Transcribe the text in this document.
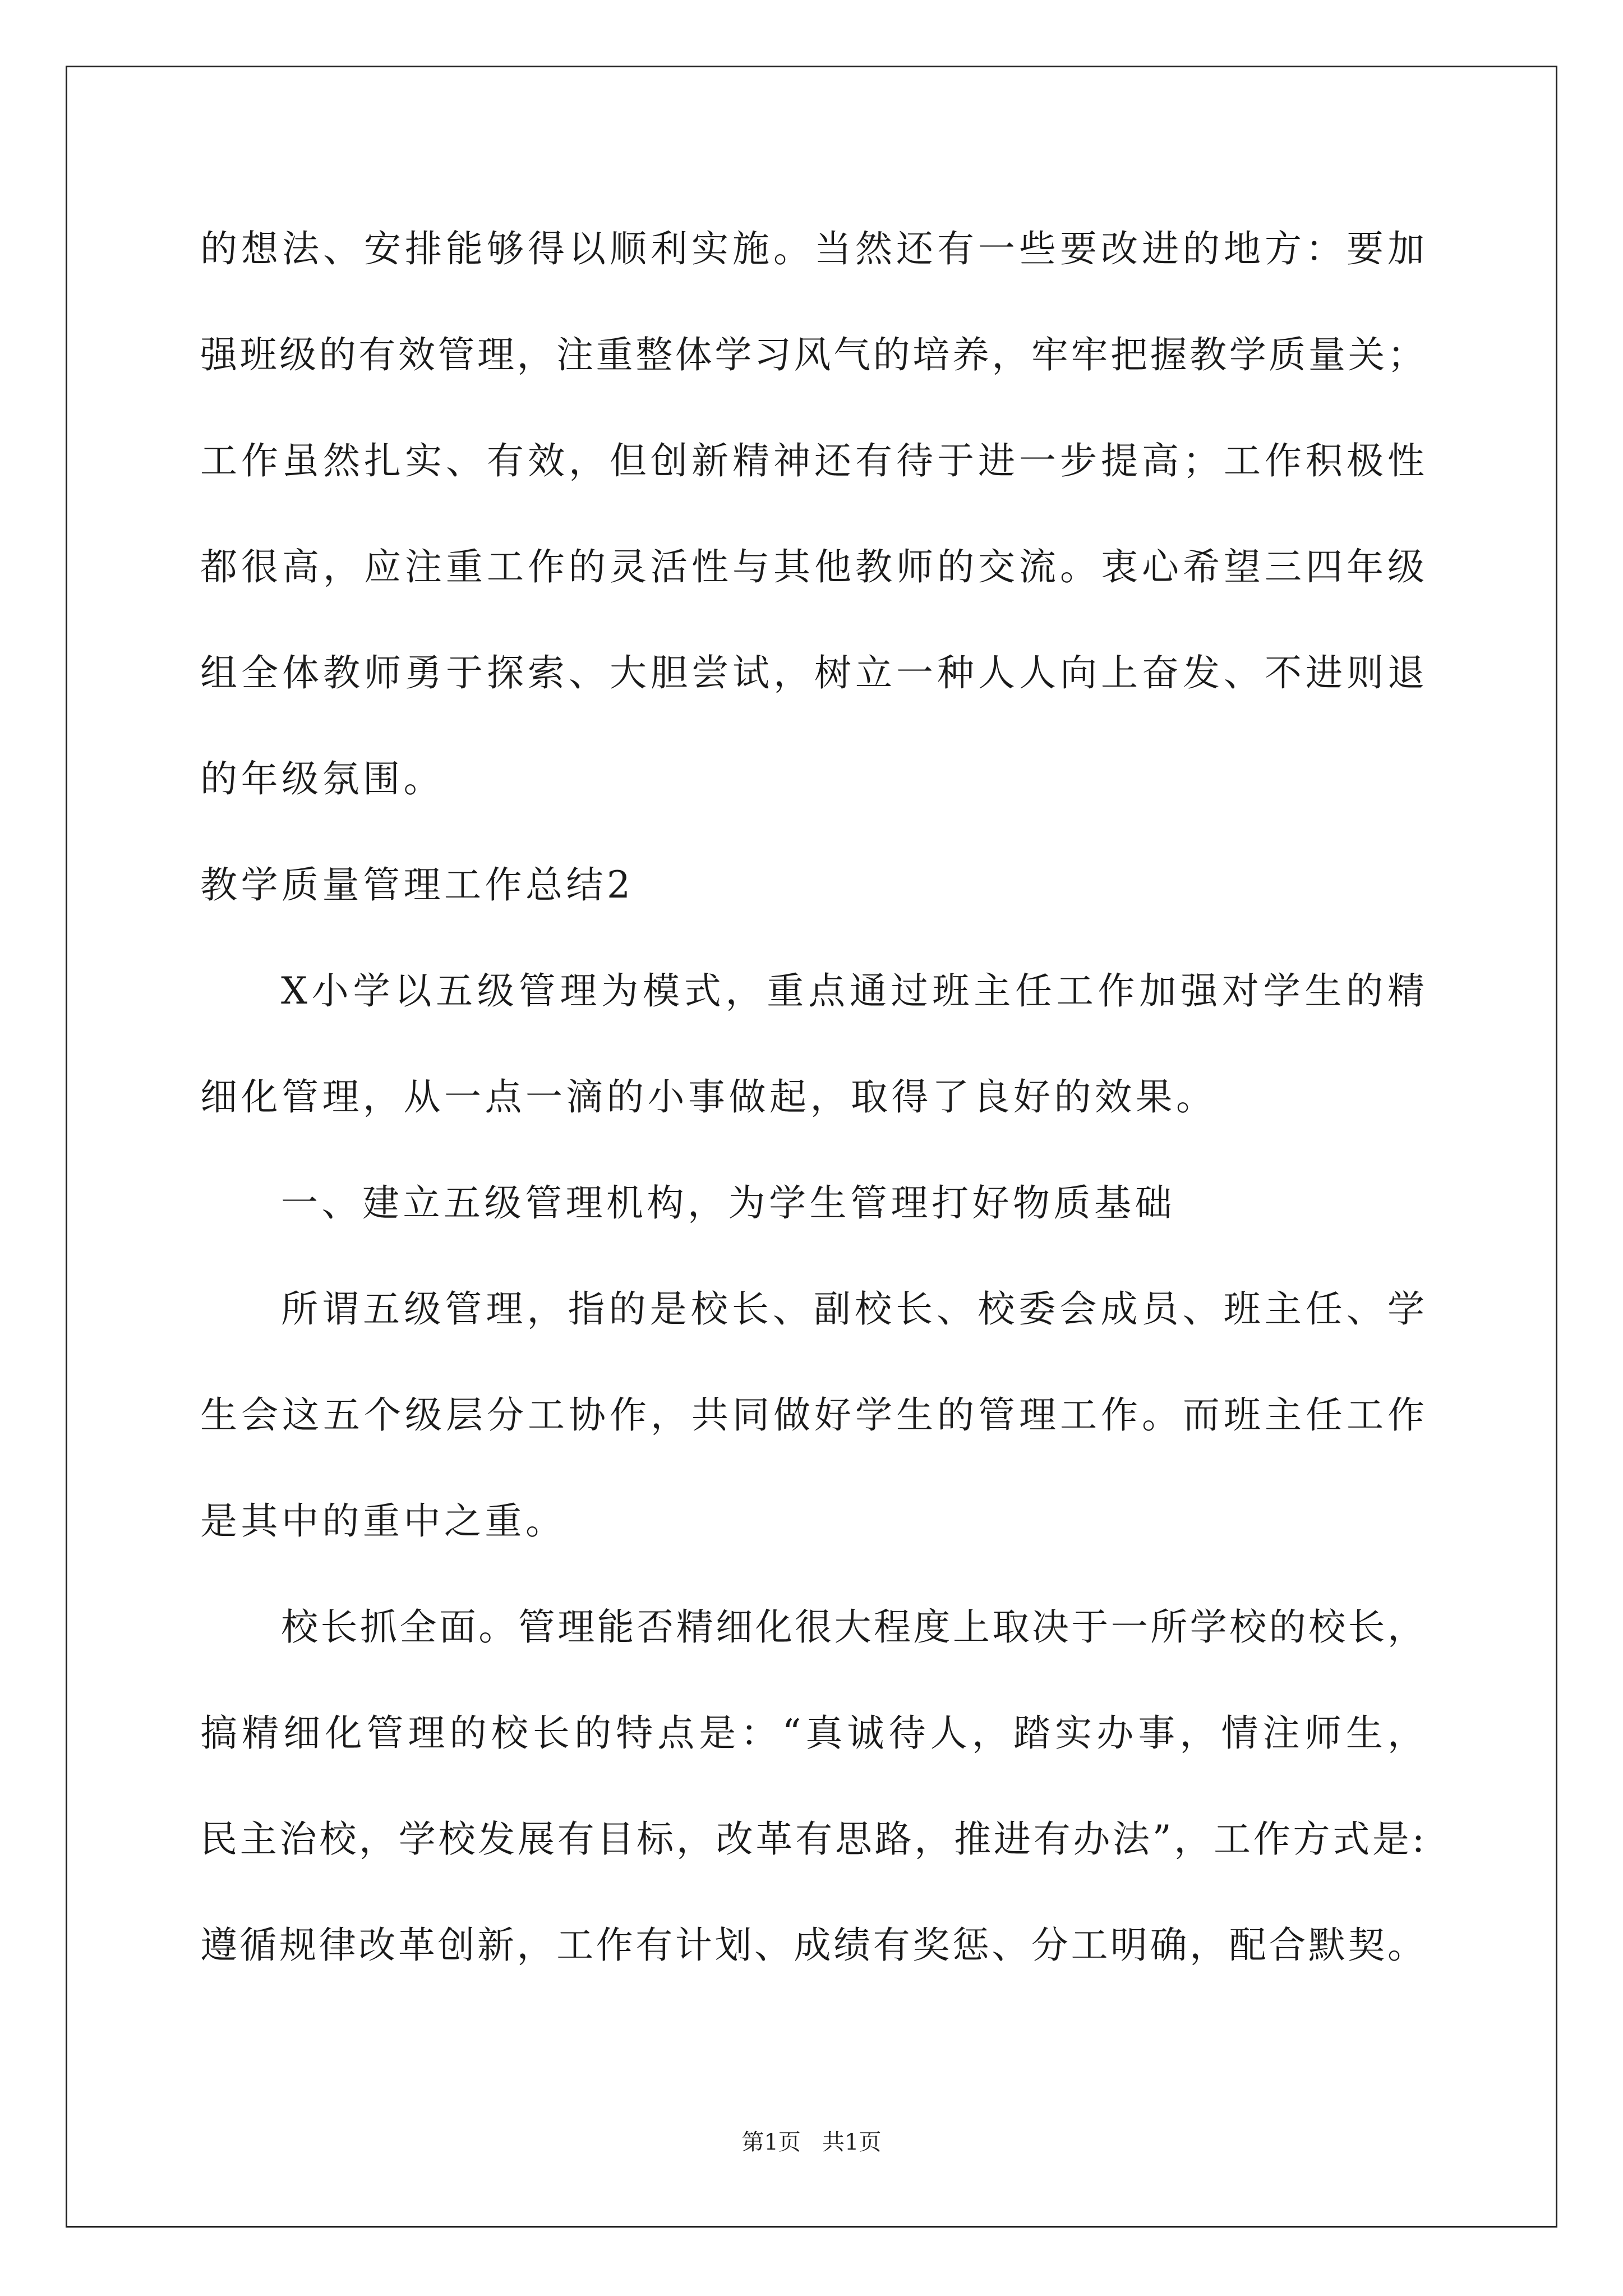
的想法、安排能够得以顺利实施。当然还有一些要改进的地方：要加
强班级的有效管理，注重整体学习风气的培养，牢牢把握教学质量关；
工作虽然扎实、有效，但创新精神还有待于进一步提高；工作积极性
都很高，应注重工作的灵活性与其他教师的交流。衷心希望三四年级
组全体教师勇于探索、大胆尝试，树立一种人人向上奋发、不进则退
的年级氛围。
教学质量管理工作总结2
X小学以五级管理为模式，重点通过班主任工作加强对学生的精
细化管理，从一点一滴的小事做起，取得了良好的效果。
一、建立五级管理机构，为学生管理打好物质基础
所谓五级管理，指的是校长、副校长、校委会成员、班主任、学
生会这五个级层分工协作，共同做好学生的管理工作。而班主任工作
是其中的重中之重。
校长抓全面。管理能否精细化很大程度上取决于一所学校的校长，
搞精细化管理的校长的特点是：“真诚待人，踏实办事，情注师生，
民主治校，学校发展有目标，改革有思路，推进有办法”，工作方式是:
遵循规律改革创新，工作有计划、成绩有奖惩、分工明确，配合默契。
第1页   共1页
